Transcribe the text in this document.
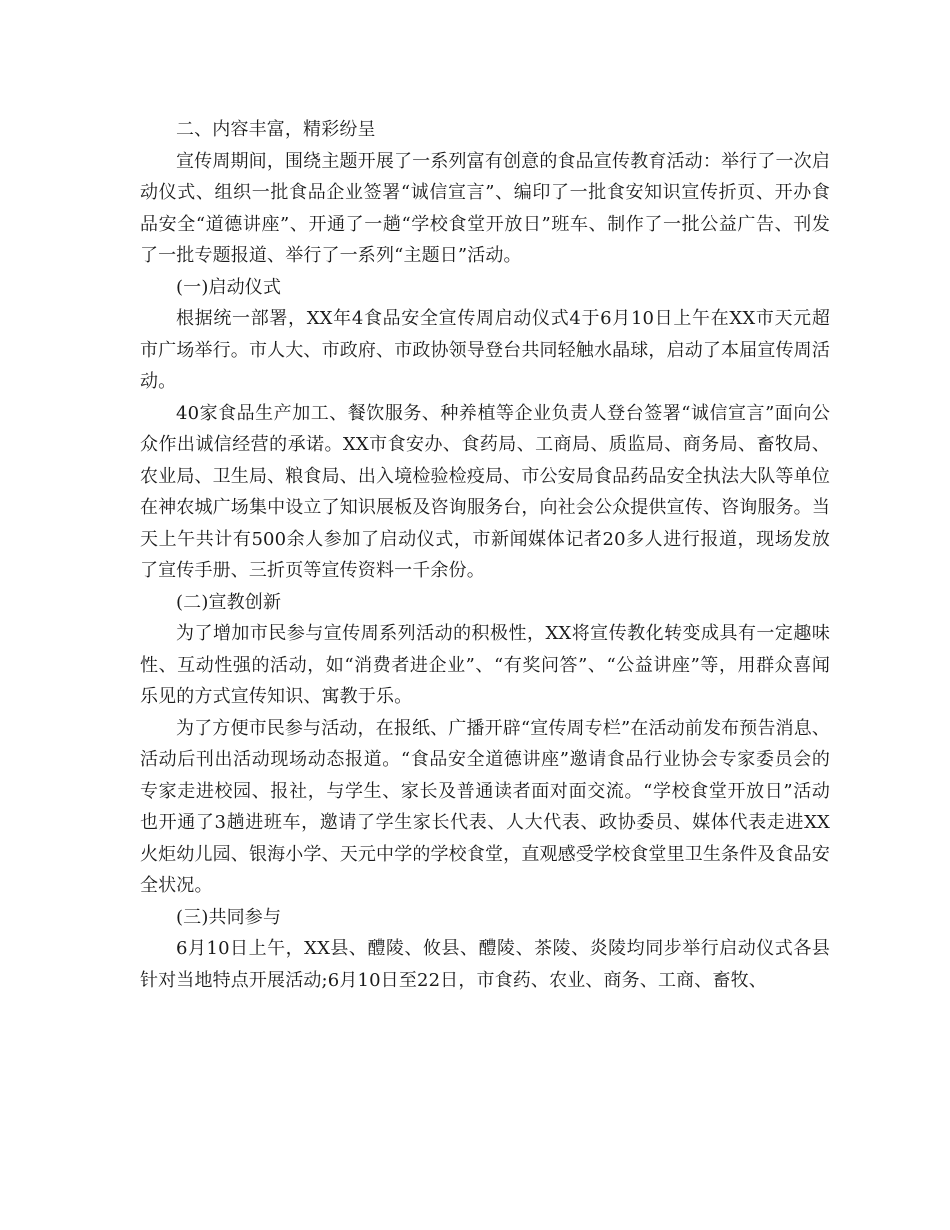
二、内容丰富，精彩纷呈

宣传周期间，围绕主题开展了一系列富有创意的食品宣传教育活动：举行了一次启动仪式、组织一批食品企业签署“诚信宣言”、编印了一批食安知识宣传折页、开办食品安全“道德讲座”、开通了一趟“学校食堂开放日”班车、制作了一批公益广告、刊发了一批专题报道、举行了一系列“主题日”活动。

(一)启动仪式

根据统一部署，XX年4食品安全宣传周启动仪式4于6月10日上午在XX市天元超市广场举行。市人大、市政府、市政协领导登台共同轻触水晶球，启动了本届宣传周活动。

40家食品生产加工、餐饮服务、种养植等企业负责人登台签署“诚信宣言”面向公众作出诚信经营的承诺。XX市食安办、食药局、工商局、质监局、商务局、畜牧局、农业局、卫生局、粮食局、出入境检验检疫局、市公安局食品药品安全执法大队等单位在神农城广场集中设立了知识展板及咨询服务台，向社会公众提供宣传、咨询服务。当天上午共计有500余人参加了启动仪式，市新闻媒体记者20多人进行报道，现场发放了宣传手册、三折页等宣传资料一千余份。

(二)宣教创新

为了增加市民参与宣传周系列活动的积极性，XX将宣传教化转变成具有一定趣味性、互动性强的活动，如“消费者进企业”、“有奖问答”、“公益讲座”等，用群众喜闻乐见的方式宣传知识、寓教于乐。

为了方便市民参与活动，在报纸、广播开辟“宣传周专栏”在活动前发布预告消息、活动后刊出活动现场动态报道。“食品安全道德讲座”邀请食品行业协会专家委员会的专家走进校园、报社，与学生、家长及普通读者面对面交流。“学校食堂开放日”活动也开通了3趟进班车，邀请了学生家长代表、人大代表、政协委员、媒体代表走进XX火炬幼儿园、银海小学、天元中学的学校食堂，直观感受学校食堂里卫生条件及食品安全状况。

(三)共同参与

6月10日上午，XX县、醴陵、攸县、醴陵、茶陵、炎陵均同步举行启动仪式各县针对当地特点开展活动;6月10日至22日，市食药、农业、商务、工商、畜牧、
